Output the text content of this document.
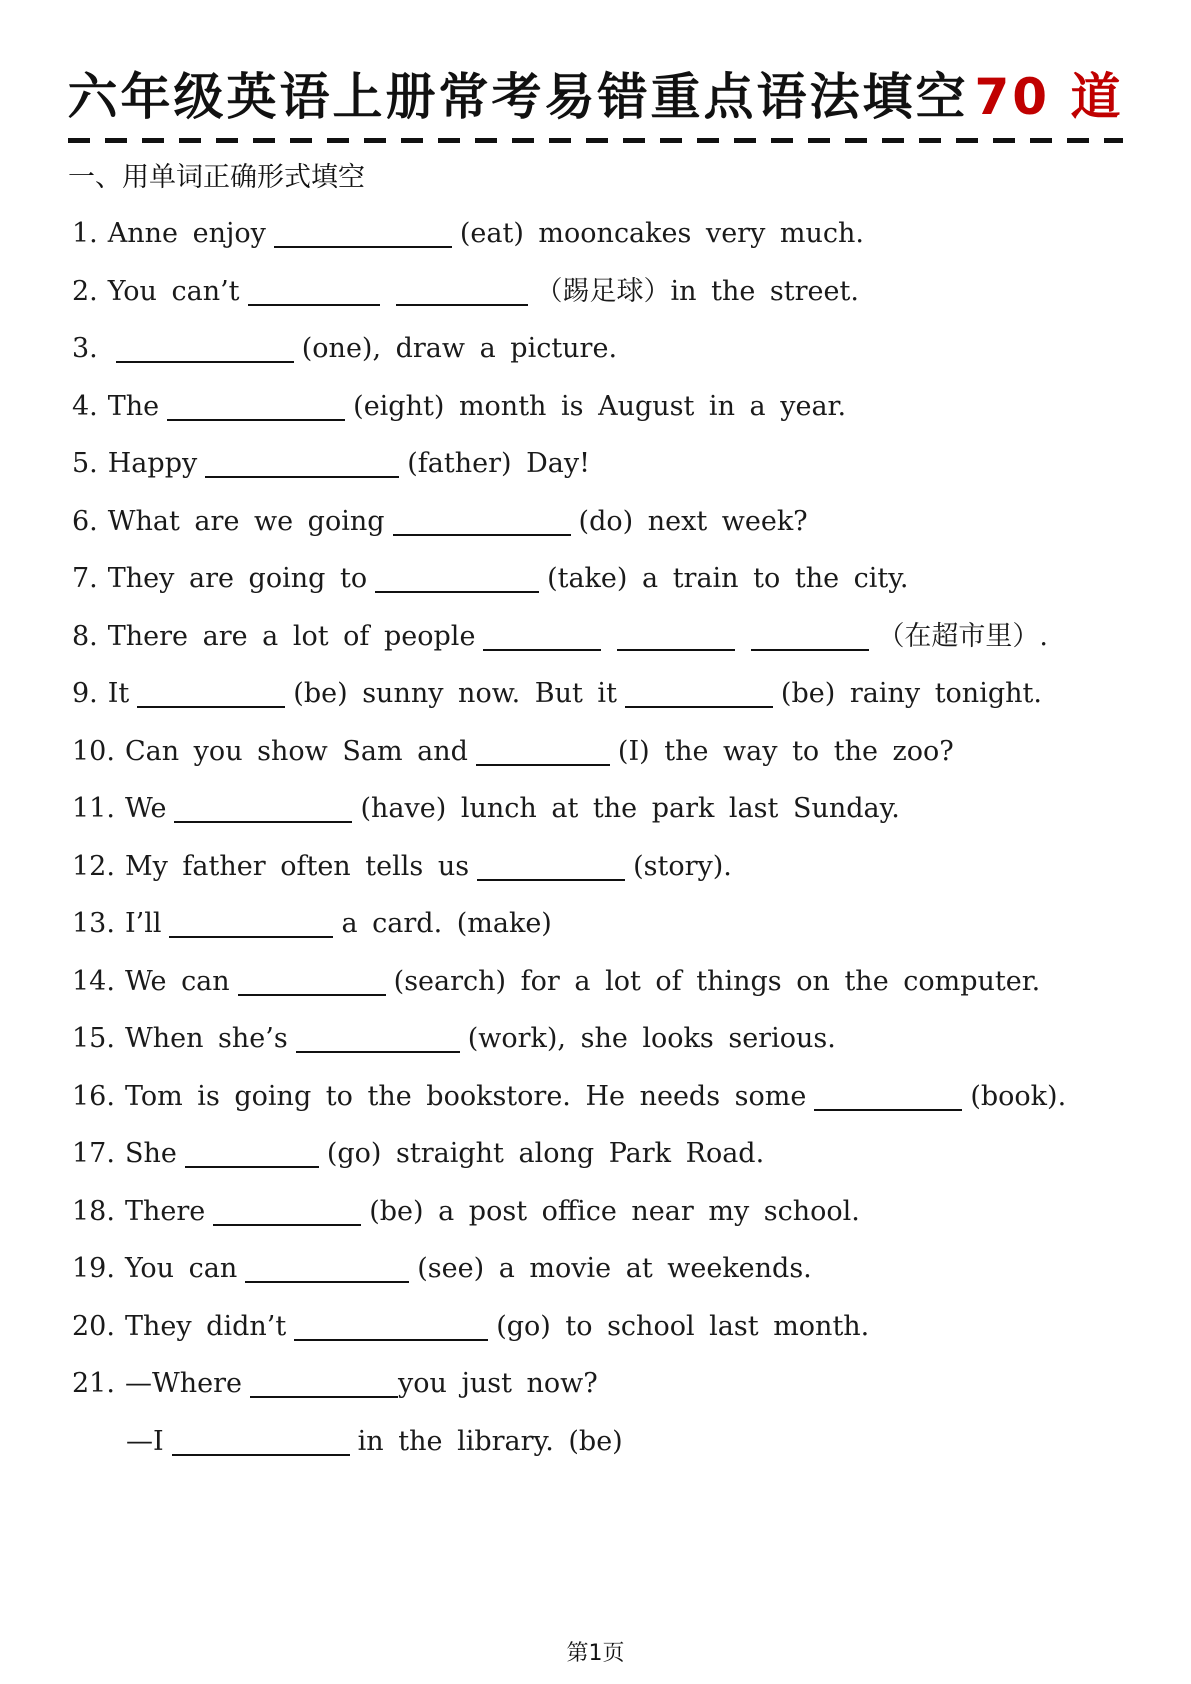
六年级英语上册常考易错重点语法填空 70 道
一、用单词正确形式填空
1. Anne enjoy	(eat) mooncakes very much.
2. You can’t	（踢足球）in the street.
3.	(one), draw a picture.
4. The	(eight) month is August in a year.
5. Happy	(father) Day!
6. What are we going	(do) next week?
7. They are going to	(take) a train to the city.
8. There are a lot of people	（在超市里）.
9. It	(be) sunny now. But it	(be) rainy tonight.
10. Can you show Sam and	(I) the way to the zoo?
11. We	(have) lunch at the park last Sunday.
12. My father often tells us	(story).
13. I’ll	a card. (make)
14. We can	(search) for a lot of things on the computer.
15. When she’s	(work), she looks serious.
16. Tom is going to the bookstore. He needs some	(book).
17. She	(go) straight along Park Road.
18. There	(be) a post office near my school.
19. You can	(see) a movie at weekends.
20. They didn’t	(go) to school last month.
21. —Where	you just now?
—I	in the library. (be)
第1页
